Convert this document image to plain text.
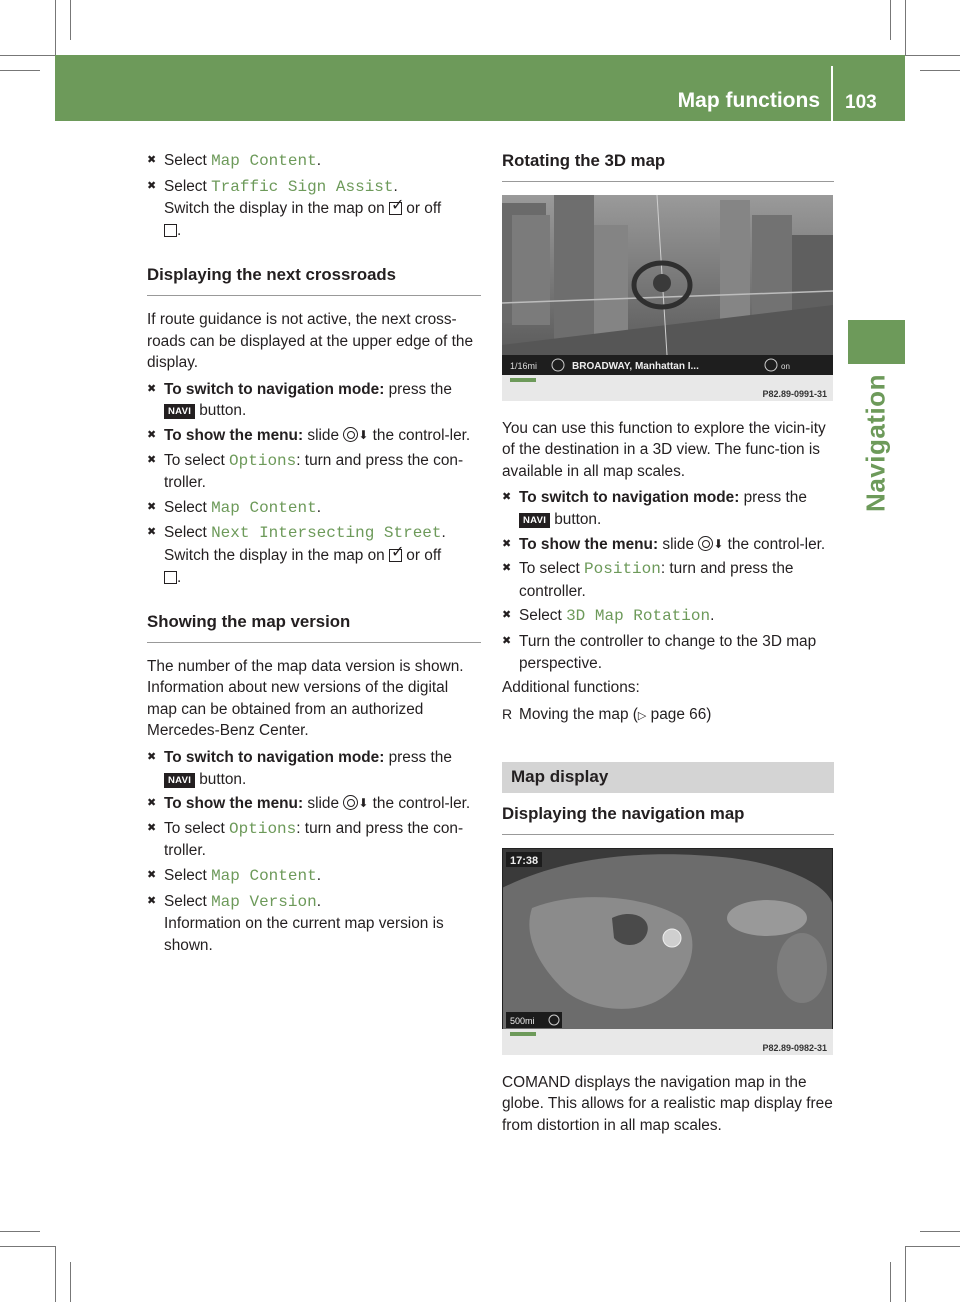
Map functions 103
Navigation

✖ Select Map Content.

✖ Select Traffic Sign Assist.
Switch the display in the map on ✓ or off
.

Displaying the next crossroads

If route guidance is not active, the next cross-roads can be displayed at the upper edge of the display.

✖ To switch to navigation mode: press the
NAVI button.

✖ To show the menu: slide ⬇ the control-ler.

✖ To select Options: turn and press the con-troller.

✖ Select Map Content.

✖ Select Next Intersecting Street.
Switch the display in the map on ✓ or off
.

Showing the map version

The number of the map data version is shown. Information about new versions of the digital map can be obtained from an authorized Mercedes-Benz Center.

✖ To switch to navigation mode: press the
NAVI button.

✖ To show the menu: slide ⬇ the control-ler.

✖ To select Options: turn and press the con-troller.

✖ Select Map Content.

✖ Select Map Version.
Information on the current map version is shown.

Rotating the 3D map
1/16mi	BROADWAY, Manhattan I...	on
P82.89-0991-31

You can use this function to explore the vicin-ity of the destination in a 3D view. The func-tion is available in all map scales.

✖ To switch to navigation mode: press the
NAVI button.

✖ To show the menu: slide ⬇ the control-ler.

✖ To select Position: turn and press the controller.

✖ Select 3D Map Rotation.

✖ Turn the controller to change to the 3D map perspective.

Additional functions:

R Moving the map (▷ page 66)

Map display
Displaying the navigation map
17:38
500mi
P82.89-0982-31

COMAND displays the navigation map in the globe. This allows for a realistic map display free from distortion in all map scales.
